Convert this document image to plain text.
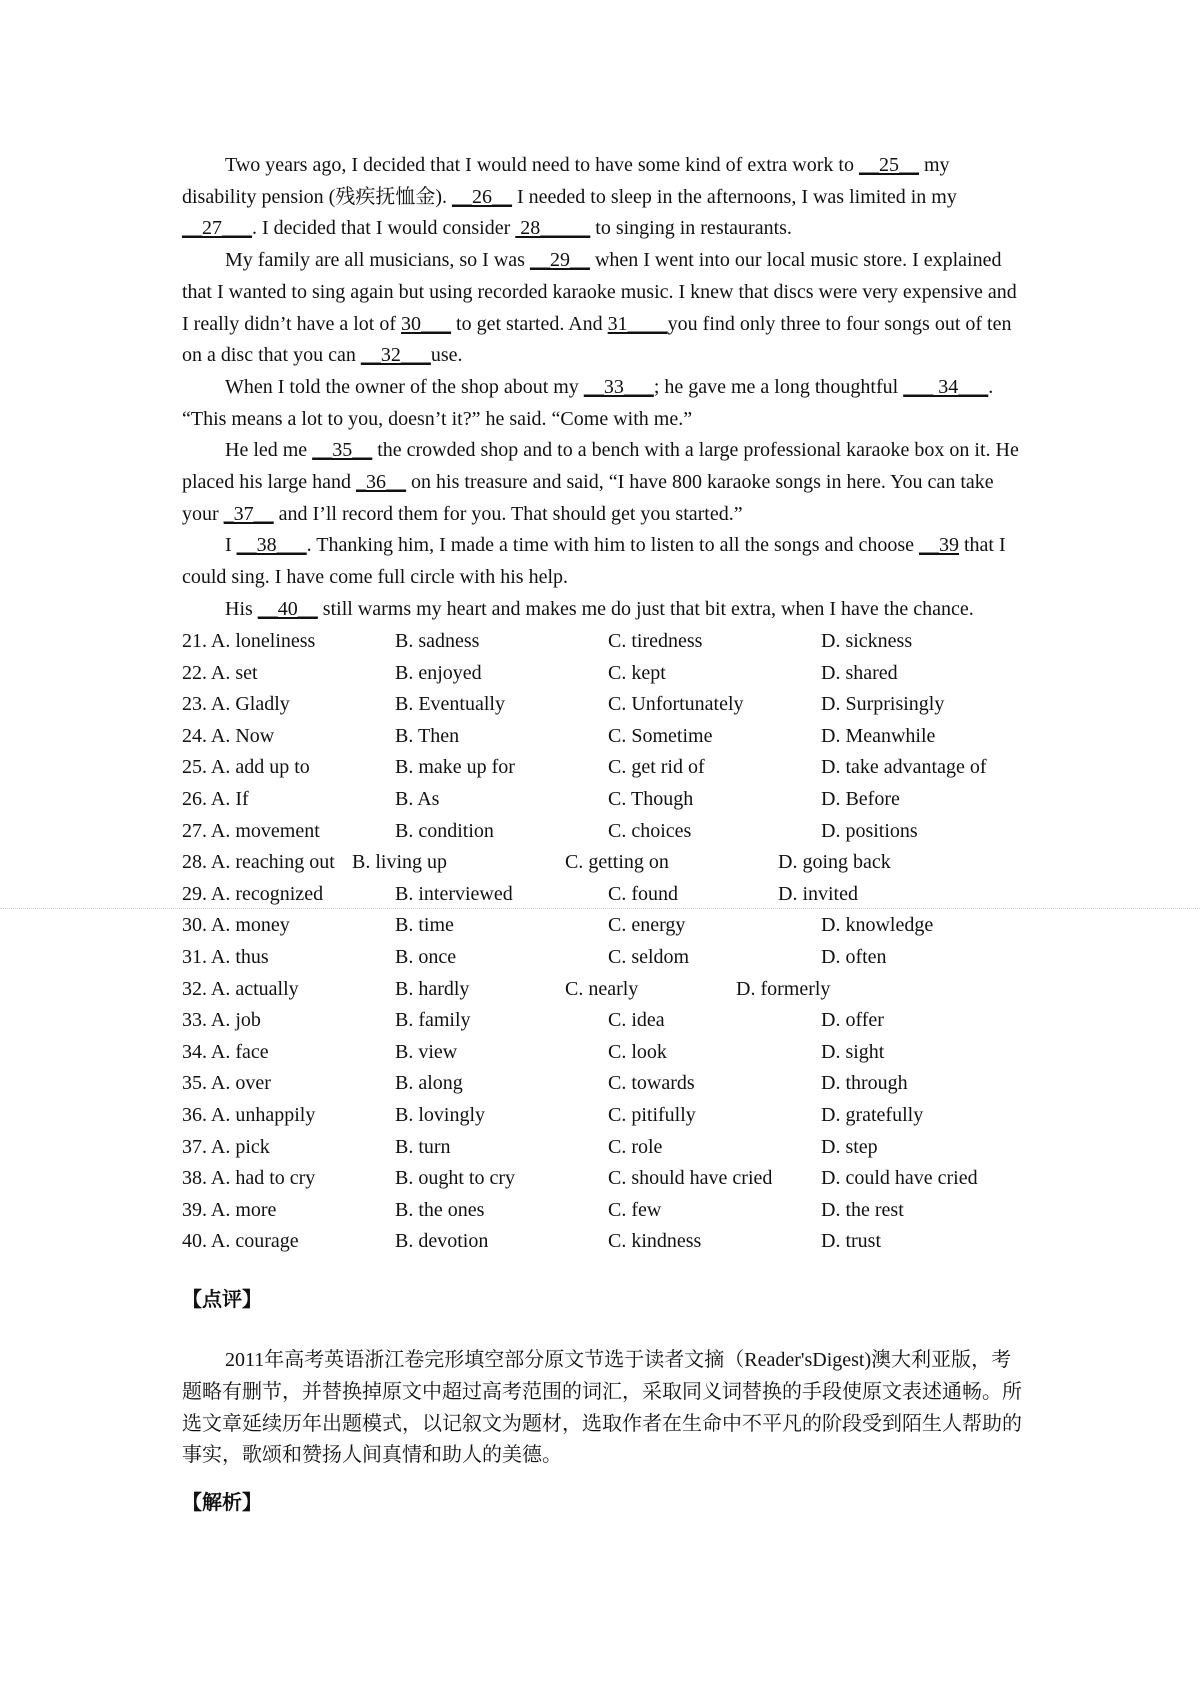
Two years ago, I decided that I would need to have some kind of extra work to __25__ my disability pension (残疾抚恤金). __26__ I needed to sleep in the afternoons, I was limited in my __27___. I decided that I would consider  28_____ to singing in restaurants.

My family are all musicians, so I was __29__ when I went into our local music store. I explained that I wanted to sing again but using recorded karaoke music. I knew that discs were very expensive and I really didn’t have a lot of 30___ to get started. And 31____you find only three to four songs out of ten on a disc that you can __32___use.

When I told the owner of the shop about my __33___; he gave me a long thoughtful ___ 34___. “This means a lot to you, doesn’t it?” he said. “Come with me.”

He led me __35__ the crowded shop and to a bench with a large professional karaoke box on it. He placed his large hand _36__ on his treasure and said, “I have 800 karaoke songs in here. You can take your _37__ and I’ll record them for you. That should get you started.”

I __38___. Thanking him, I made a time with him to listen to all the songs and choose __39 that I could sing. I have come full circle with his help.

His __40__ still warms my heart and makes me do just that bit extra, when I have the chance.

21. A. loneliness	B. sadness	C. tiredness	D. sickness
22. A. set	B. enjoyed	C. kept	D. shared
23. A. Gladly	B. Eventually	C. Unfortunately	D. Surprisingly
24. A. Now	B. Then	C. Sometime	D. Meanwhile
25. A. add up to	B. make up for	C. get rid of	D. take advantage of
26. A. If	B. As	C. Though	D. Before
27. A. movement	B. condition	C. choices	D. positions
28. A. reaching out B. living up	C. getting on	D. going back
29. A. recognized	B. interviewed	C. found	D. invited
30. A. money	B. time	C. energy	D. knowledge
31. A. thus	B. once	C. seldom	D. often
32. A. actually	B. hardly	C. nearly	D. formerly
33. A. job	B. family	C. idea	D. offer
34. A. face	B. view	C. look	D. sight
35. A. over	B. along	C. towards	D. through
36. A. unhappily	B. lovingly	C. pitifully	D. gratefully
37. A. pick	B. turn	C. role	D. step
38. A. had to cry	B. ought to cry	C. should have cried D. could have cried
39. A. more	B. the ones	C. few	D. the rest
40. A. courage	B. devotion	C. kindness	D. trust
【点评】

2011年高考英语浙江卷完形填空部分原文节选于读者文摘（Reader'sDigest)澳大利亚版，考题略有删节，并替换掉原文中超过高考范围的词汇，采取同义词替换的手段使原文表述通畅。所选文章延续历年出题模式，以记叙文为题材，选取作者在生命中不平凡的阶段受到陌生人帮助的事实，歌颂和赞扬人间真情和助人的美德。

【解析】
